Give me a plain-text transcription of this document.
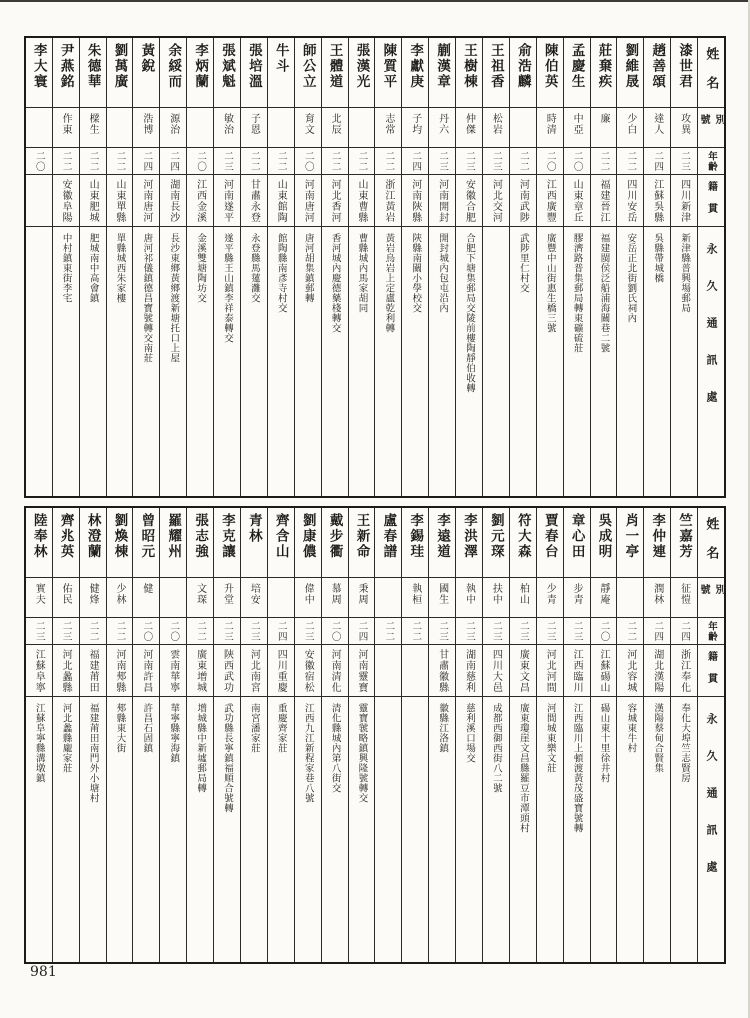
姓名
別號
年齡
籍貫
永久通訊處
漆世君
攻異
二三
四川新津
新津縣普興場郵局
趙善頌
達人
二四
江蘇吳縣
吳縣帶城橋
劉維晟
少白
二二
四川安岳
安岳正北街劉氏祠內
莊棄疾
廉
二二
福建晉江
福建閩侯泛船浦海關巷二號
孟慶生
中亞
二〇
山東章丘
膠濟路普集郵局轉東礦硫莊
陳伯英
時清
二〇
江西廣豐
廣豐中山街惠生橋三號
俞浩麟
二二
河南武陟
武陟里仁村交
王祖香
松岩
二三
河北交河
王樹棟
仲傑
二三
安徽合肥
合肥下塘集郵局交陵前樓陶靜伯收轉
蒯漢章
丹六
二三
河南開封
開封城內包屯沿內
李獻庚
子均
二四
河南陝縣
陝縣南關小學校交
陳質平
志常
二二
浙江黃岩
黃岩烏岩上定盧乾利轉
張漢光
二二
山東曹縣
曹縣城內馬家胡同
王體道
北辰
二二
河北香河
香河城內慶德藥棧轉交
師公立
育文
二〇
河南唐河
唐河胡集鎮郵轉
牛斗
二二
山東館陶
館陶縣南彥寺村交
張培溫
子恩
二二
甘肅永登
永登縣馬蓮灘交
張斌魁
敏治
二三
河南遂平
遂平縣王山鎮李祥泰轉交
李炳蘭
二〇
江西金溪
金溪雙塘陶坊交
余綏而
源治
二四
湖南長沙
長沙東鄉黃鄉渡新塘托口上屋
黃銳
浩博
二四
河南唐河
唐河祁儀鎮德昌寶號轉交南莊
劉萬廣
二二
山東單縣
單縣城西朱家樓
朱德華
樑生
二二
山東肥城
肥城南中高會鎮
尹燕銘
作東
二二
安徽阜陽
中村鎮東街李宅
李大寰
二〇
姓名
別號
年齡
籍貫
永久通訊處
竺嘉芳
征愷
二四
浙江奉化
奉化大埠竺志賢房
李仲連
潤林
二四
湖北漢陽
漢陽蔡甸合賢集
肖一亭
二二
河北容城
容城東牛村
吳成明
靜庵
二〇
江蘇碭山
碭山東十里徐井村
章心田
步青
二三
江西臨川
江西臨川上頓渡黃茂盛寶號轉
賈春台
少青
二三
河北河間
河間城東樂文莊
符大森
柏山
二三
廣東文昌
廣東瓊崖文昌縣羅豆市潭頭村
劉元琛
扶中
二三
四川大邑
成都西御西街八二號
李洪澤
執中
二三
湖南慈利
慈利溪口場交
李遠道
國生
二三
甘肅徽縣
徽縣江洛鎮
李錫珪
執桓
二二
盧春譜
二二
王新命
秉周
二四
河南靈寶
靈寶虢略鎮興隆號轉交
戴步衢
慕周
二〇
河南清化
清化縣城內第八街交
劉康儂
偉中
二三
安徽宿松
江西九江新程家巷八號
齊含山
二四
四川重慶
重慶齊家莊
青林
培安
二三
河北南宮
南宮潘家莊
李克讓
升堂
二三
陝西武功
武功縣長寧鎮福順合號轉
張志強
文琛
二二
廣東增城
增城縣中新墟郵局轉
羅耀州
二〇
雲南華寧
華寧縣寧海鎮
曾昭元
健
二〇
河南許昌
許昌石固鎮
劉煥棟
少林
二二
河南郟縣
郟縣東大街
林澄蘭
健烽
二二
福建莆田
福建莆田南門外小塘村
齊兆英
佑民
二三
河北蠡縣
河北蠡縣龐家莊
陸奉林
實夫
二三
江蘇阜寧
江蘇阜寧縣溝墩鎮
981
